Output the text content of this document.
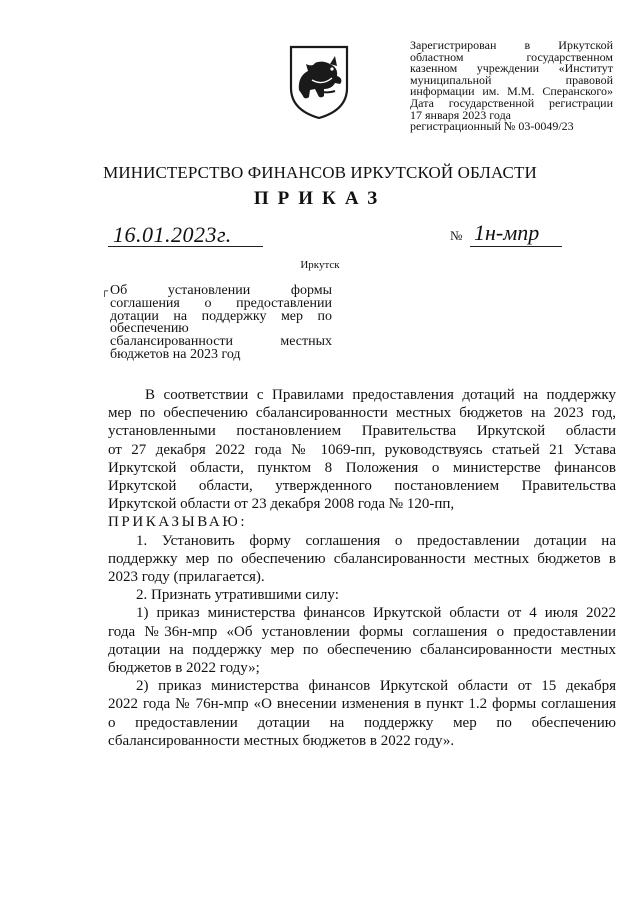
Зарегистрирован в Иркутской
областном государственном
казенном учреждении «Институт
муниципальной правовой
информации им. М.М. Сперанского»
Дата государственной регистрации
17 января 2023 года
регистрационный № 03-0049/23
МИНИСТЕРСТВО ФИНАНСОВ ИРКУТСКОЙ ОБЛАСТИ
ПРИКАЗ
16.01.2023г.	№ 1н-мпр
Иркутск
┌ Об установлении формы
соглашения о предоставлении
дотации на поддержку мер по
обеспечению
сбалансированности местных
бюджетов на 2023 год
В соответствии с Правилами предоставления дотаций на поддержку
мер по обеспечению сбалансированности местных бюджетов на 2023 год,
установленными постановлением Правительства Иркутской области
от 27 декабря 2022 года № 1069-пп, руководствуясь статьей 21 Устава
Иркутской области, пунктом 8 Положения о министерстве финансов
Иркутской области, утвержденного постановлением Правительства
Иркутской области от 23 декабря 2008 года № 120-пп,
ПРИКАЗЫВАЮ:
1. Установить форму соглашения о предоставлении дотации на
поддержку мер по обеспечению сбалансированности местных бюджетов в
2023 году (прилагается).
2. Признать утратившими силу:
1) приказ министерства финансов Иркутской области от 4 июля 2022
года №36н-мпр «Об установлении формы соглашения о предоставлении
дотации на поддержку мер по обеспечению сбалансированности местных
бюджетов в 2022 году»;
2) приказ министерства финансов Иркутской области от 15 декабря
2022 года № 76н-мпр «О внесении изменения в пункт 1.2 формы соглашения
о предоставлении дотации на поддержку мер по обеспечению
сбалансированности местных бюджетов в 2022 году».
